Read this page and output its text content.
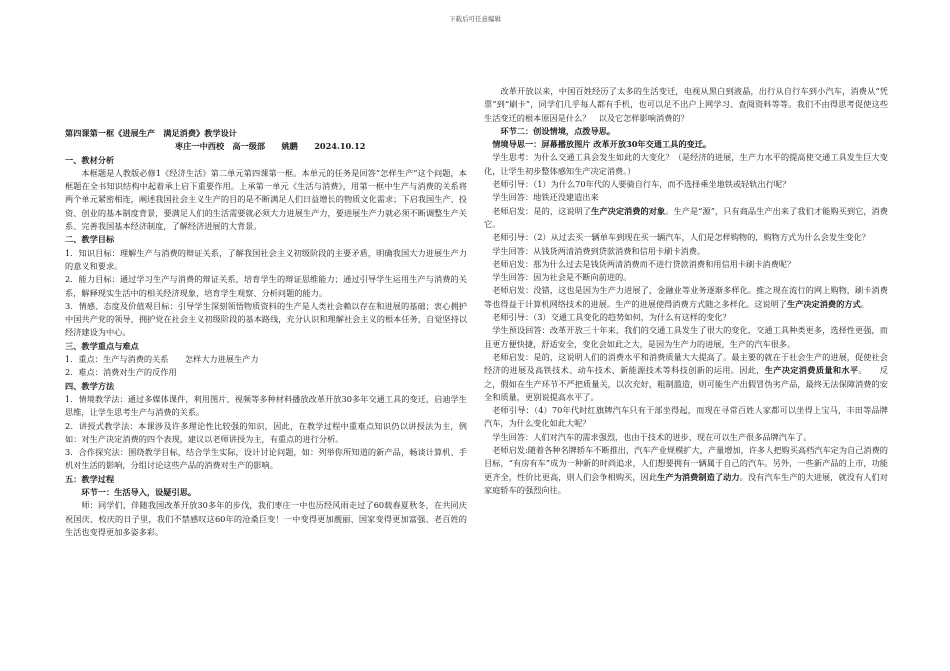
下载后可任意编辑

第四课第一框《进展生产　满足消费》教学设计

枣庄一中西校　高一级部　　姚鹏　　2024.10.12

一、教材分析

本框题是人教版必修1《经济生活》第二单元第四课第一框。本单元的任务是回答“怎样生产”这个问题，本框题在全书知识结构中起着承上启下重要作用。上承第一单元《生活与消费》，用第一框中生产与消费的关系将两个单元紧密相连，阐述我国社会主义生产的目的是不断满足人们日益增长的物质文化需求；下启我国生产、投资、创业的基本制度背景，要满足人们的生活需要就必须大力进展生产力，要进展生产力就必须不断调整生产关系、完善我国基本经济制度，了解经济进展的大背景。

二、教学目标

1．知识目标：理解生产与消费的辩证关系，了解我国社会主义初级阶段的主要矛盾，明确我国大力进展生产力的意义和要求。

2．能力目标：通过学习生产与消费的辩证关系，培育学生的辩证思维能力；通过引导学生运用生产与消费的关系，解释现实生活中的相关经济现象，培育学生观察、分析问题的能力。

3．情感、态度及价值观目标：引导学生深刻领悟物质资料的生产是人类社会赖以存在和进展的基础；衷心拥护中国共产党的领导，拥护党在社会主义初级阶段的基本路线，充分认识和理解社会主义的根本任务，自觉坚持以经济建设为中心。

三、教学重点与难点

1．重点：生产与消费的关系　　怎样大力进展生产力

2．难点：消费对生产的反作用

四、教学方法

1．情境教学法：通过多媒体课件，利用图片、视频等多种材料播放改革开放30多年交通工具的变迁，启迪学生思维，让学生思考生产与消费的关系。

2．讲授式教学法：本课涉及许多理论性比较强的知识，因此，在教学过程中重难点知识仍以讲授法为主，例如：对生产决定消费的四个表现，建议以老师讲授为主，有重点的进行分析。

3．合作探究法：围绕教学目标，结合学生实际，设计讨论问题，如：列举你所知道的新产品，畅谈计算机、手机对生活的影响，分组讨论这些产品的消费对生产的影响。

五：教学过程

环节一：生活导入，设疑引思。

师：同学们，伴随我国改革开放30多年的步伐，我们枣庄一中也历经风雨走过了60载春夏秋冬，在共同庆祝国庆、校庆的日子里，我们不禁感叹这60年的沧桑巨变！一中变得更加靓丽、国家变得更加富强、老百姓的生活也变得更加多姿多彩。

改革开放以来，中国百姓经历了太多的生活变迁，电视从黑白到液晶，出行从自行车到小汽车，消费从“凭票”到“刷卡”，同学们几乎每人都有手机，也可以足不出户上网学习、查阅资料等等。我们不由得思考促使这些生活变迁的根本原因是什么？　以及它怎样影响消费的？

环节二：创设情境，点拨导思。

情境导思一：屏幕播放图片 改革开放30年交通工具的变迁。

学生思考：为什么交通工具会发生如此的大变化？（是经济的进展，生产力水平的提高使交通工具发生巨大变化，让学生初步整体感知生产决定消费。）

老师引导：（1）为什么70年代的人要骑自行车，而不选择乘坐地铁或轻轨出行呢？

学生回答：地铁还没建造出来

老师启发：是的，这说明了生产决定消费的对象。生产是“源”，只有商品生产出来了我们才能购买到它，消费它。

老师引导：（2）从过去买一辆单车到现在买一辆汽车，人们是怎样购物的，购物方式为什么会发生变化？

学生回答：从钱货两清消费到贷款消费和信用卡刷卡消费。

老师启发：那为什么过去是钱货两清消费而不进行贷款消费和用信用卡刷卡消费呢？

学生回答：因为社会是不断向前进的。

老师启发：没错，这也是因为生产力进展了，金融业等业务逐渐多样化。推之现在流行的网上购物，刷卡消费等也得益于计算机网络技术的进展。生产的进展使得消费方式随之多样化。这说明了生产决定消费的方式。

老师引导：（3）交通工具变化的趋势如何，为什么有这样的变化？

学生预设回答：改革开放三十年来，我们的交通工具发生了很大的变化，交通工具种类更多，选择性更强，而且更方便快捷，舒适安全，变化会如此之大，是因为生产力的进展，生产的汽车很多。

老师启发：是的，这说明人们的消费水平和消费质量大大提高了。最主要的就在于社会生产的进展，促使社会经济的进展及高铁技术、动车技术、新能源技术等科技创新的运用。因此，生产决定消费质量和水平。　　反之，假如在生产环节不严把质量关，以次充好，粗制滥造，则可能生产出假冒伪劣产品，最终无法保障消费的安全和质量，更别说提高水平了。

老师引导：（4）70年代时红旗牌汽车只有干部坐得起，而现在寻常百姓人家都可以坐得上宝马，丰田等品牌汽车，为什么变化如此大呢？

学生回答：人们对汽车的需求强烈，也由于技术的进步，现在可以生产很多品牌汽车了。

老师启发:随着各种名牌轿车不断推出，汽车产业规模扩大，产量增加，许多人把购买高档汽车定为自己消费的目标，“有房有车”成为一种新的时尚追求，人们想要拥有一辆属于自己的汽车。另外，一些新产品的上市，功能更齐全，性价比更高，则人们会争相购买，因此生产为消费制造了动力。没有汽车生产的大进展，就没有人们对家庭轿车的强烈向往。
